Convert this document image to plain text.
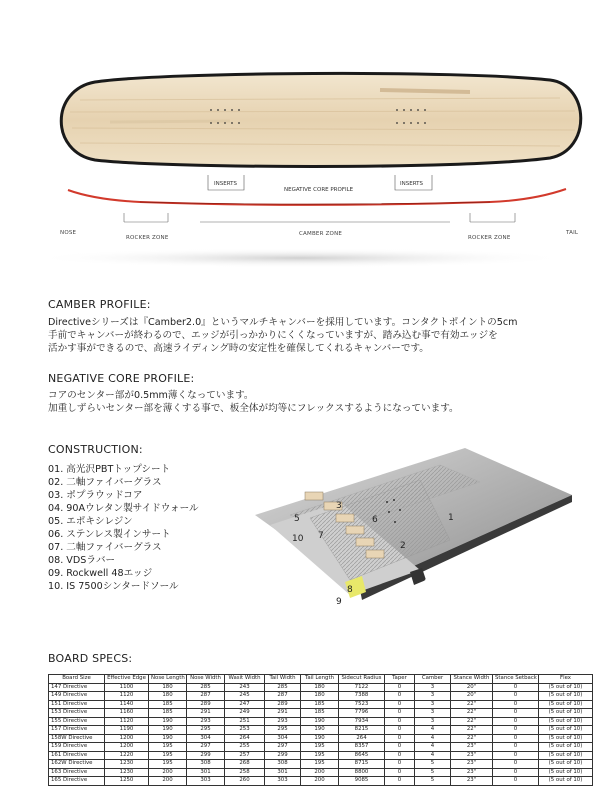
INSERTS	INSERTS
NEGATIVE CORE PROFILE
NOSE
ROCKER ZONE
CAMBER ZONE
ROCKER ZONE
TAIL
CAMBER PROFILE:
Directiveシリーズは『Camber2.0』というマルチキャンバーを採用しています。コンタクトポイントの5cm
手前でキャンバーが終わるので、エッジが引っかかりにくくなっていますが、踏み込む事で有効エッジを
活かす事ができるので、高速ライディング時の安定性を確保してくれるキャンバーです。
NEGATIVE CORE PROFILE:
コアのセンター部が0.5mm薄くなっています。
加重しずらいセンター部を薄くする事で、板全体が均等にフレックスするようになっています。
CONSTRUCTION:
01. 高光沢PBTトップシート
02. 二軸ファイバーグラス
03. ポプラウッドコア
04. 90Aウレタン製サイドウォール
05. エポキシレジン
06. ステンレス製インサート
07. 二軸ファイバーグラス
08. VDSラバー
09. Rockwell 48エッジ
10. IS 7500シンタードソール
1
2
3
4
5	6
7
8
9
10
BOARD SPECS:
Board Size	Effective Edge	Nose Length	Nose Width	Wasit Width	Tail Width	Tail Length	Sidecut Radius	Taper	Camber	Stance Width	Stance Setback	Flex
147 Directive	1100	180	285	243	285	180	7122	0	3	20"	0	(5 out of 10)
149 Directive	1120	180	287	245	287	180	7388	0	3	20"	0	(5 out of 10)
151 Directive	1140	185	289	247	289	185	7523	0	3	22"	0	(5 out of 10)
153 Directive	1160	185	291	249	291	185	7796	0	3	22"	0	(5 out of 10)
155 Directive	1120	190	293	251	293	190	7934	0	3	22"	0	(5 out of 10)
157 Directive	1190	190	295	253	295	190	8215	0	4	22"	0	(5 out of 10)
158W Directive	1200	190	304	264	304	190	264	0	4	22"	0	(5 out of 10)
159 Directive	1200	195	297	255	297	195	8357	0	4	23"	0	(5 out of 10)
161 Directive	1220	195	299	257	299	195	8645	0	4	23"	0	(5 out of 10)
162W Directive	1230	195	308	268	308	195	8715	0	5	23"	0	(5 out of 10)
163 Directive	1230	200	301	258	301	200	8800	0	5	23"	0	(5 out of 10)
165 Directive	1250	200	303	260	303	200	9085	0	5	23"	0	(5 out of 10)
